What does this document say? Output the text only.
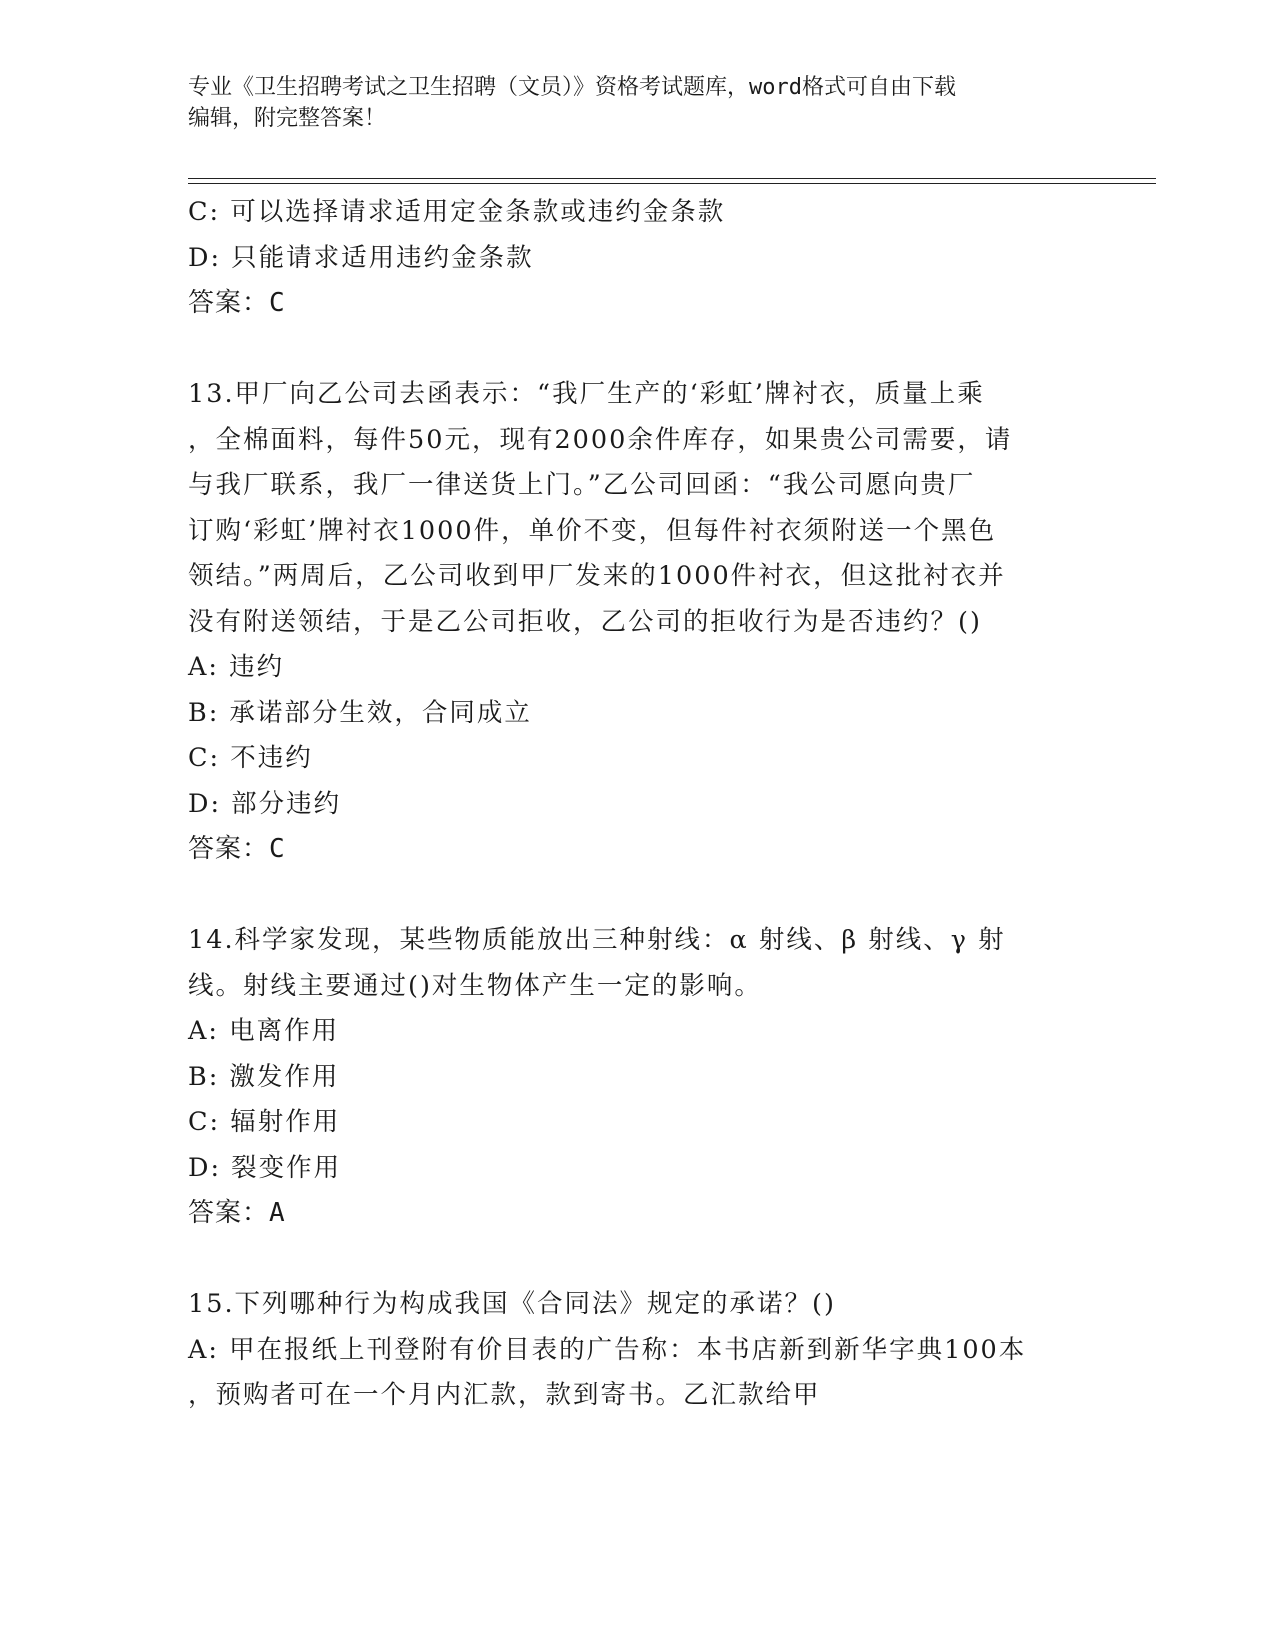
专业《卫生招聘考试之卫生招聘（文员）》资格考试题库，word格式可自由下载
编辑，附完整答案！
C: 可以选择请求适用定金条款或违约金条款
D: 只能请求适用违约金条款
答案：C
13.甲厂向乙公司去函表示：“我厂生产的‘彩虹’牌衬衣，质量上乘
，全棉面料，每件50元，现有2000余件库存，如果贵公司需要，请
与我厂联系，我厂一律送货上门。”乙公司回函：“我公司愿向贵厂
订购‘彩虹’牌衬衣1000件，单价不变，但每件衬衣须附送一个黑色
领结。”两周后，乙公司收到甲厂发来的1000件衬衣，但这批衬衣并
没有附送领结，于是乙公司拒收，乙公司的拒收行为是否违约？()
A: 违约
B: 承诺部分生效，合同成立
C: 不违约
D: 部分违约
答案：C
14.科学家发现，某些物质能放出三种射线：α 射线、β 射线、γ 射
线。射线主要通过()对生物体产生一定的影响。
A: 电离作用
B: 激发作用
C: 辐射作用
D: 裂变作用
答案：A
15.下列哪种行为构成我国《合同法》规定的承诺？()
A: 甲在报纸上刊登附有价目表的广告称：本书店新到新华字典100本
，预购者可在一个月内汇款，款到寄书。乙汇款给甲
